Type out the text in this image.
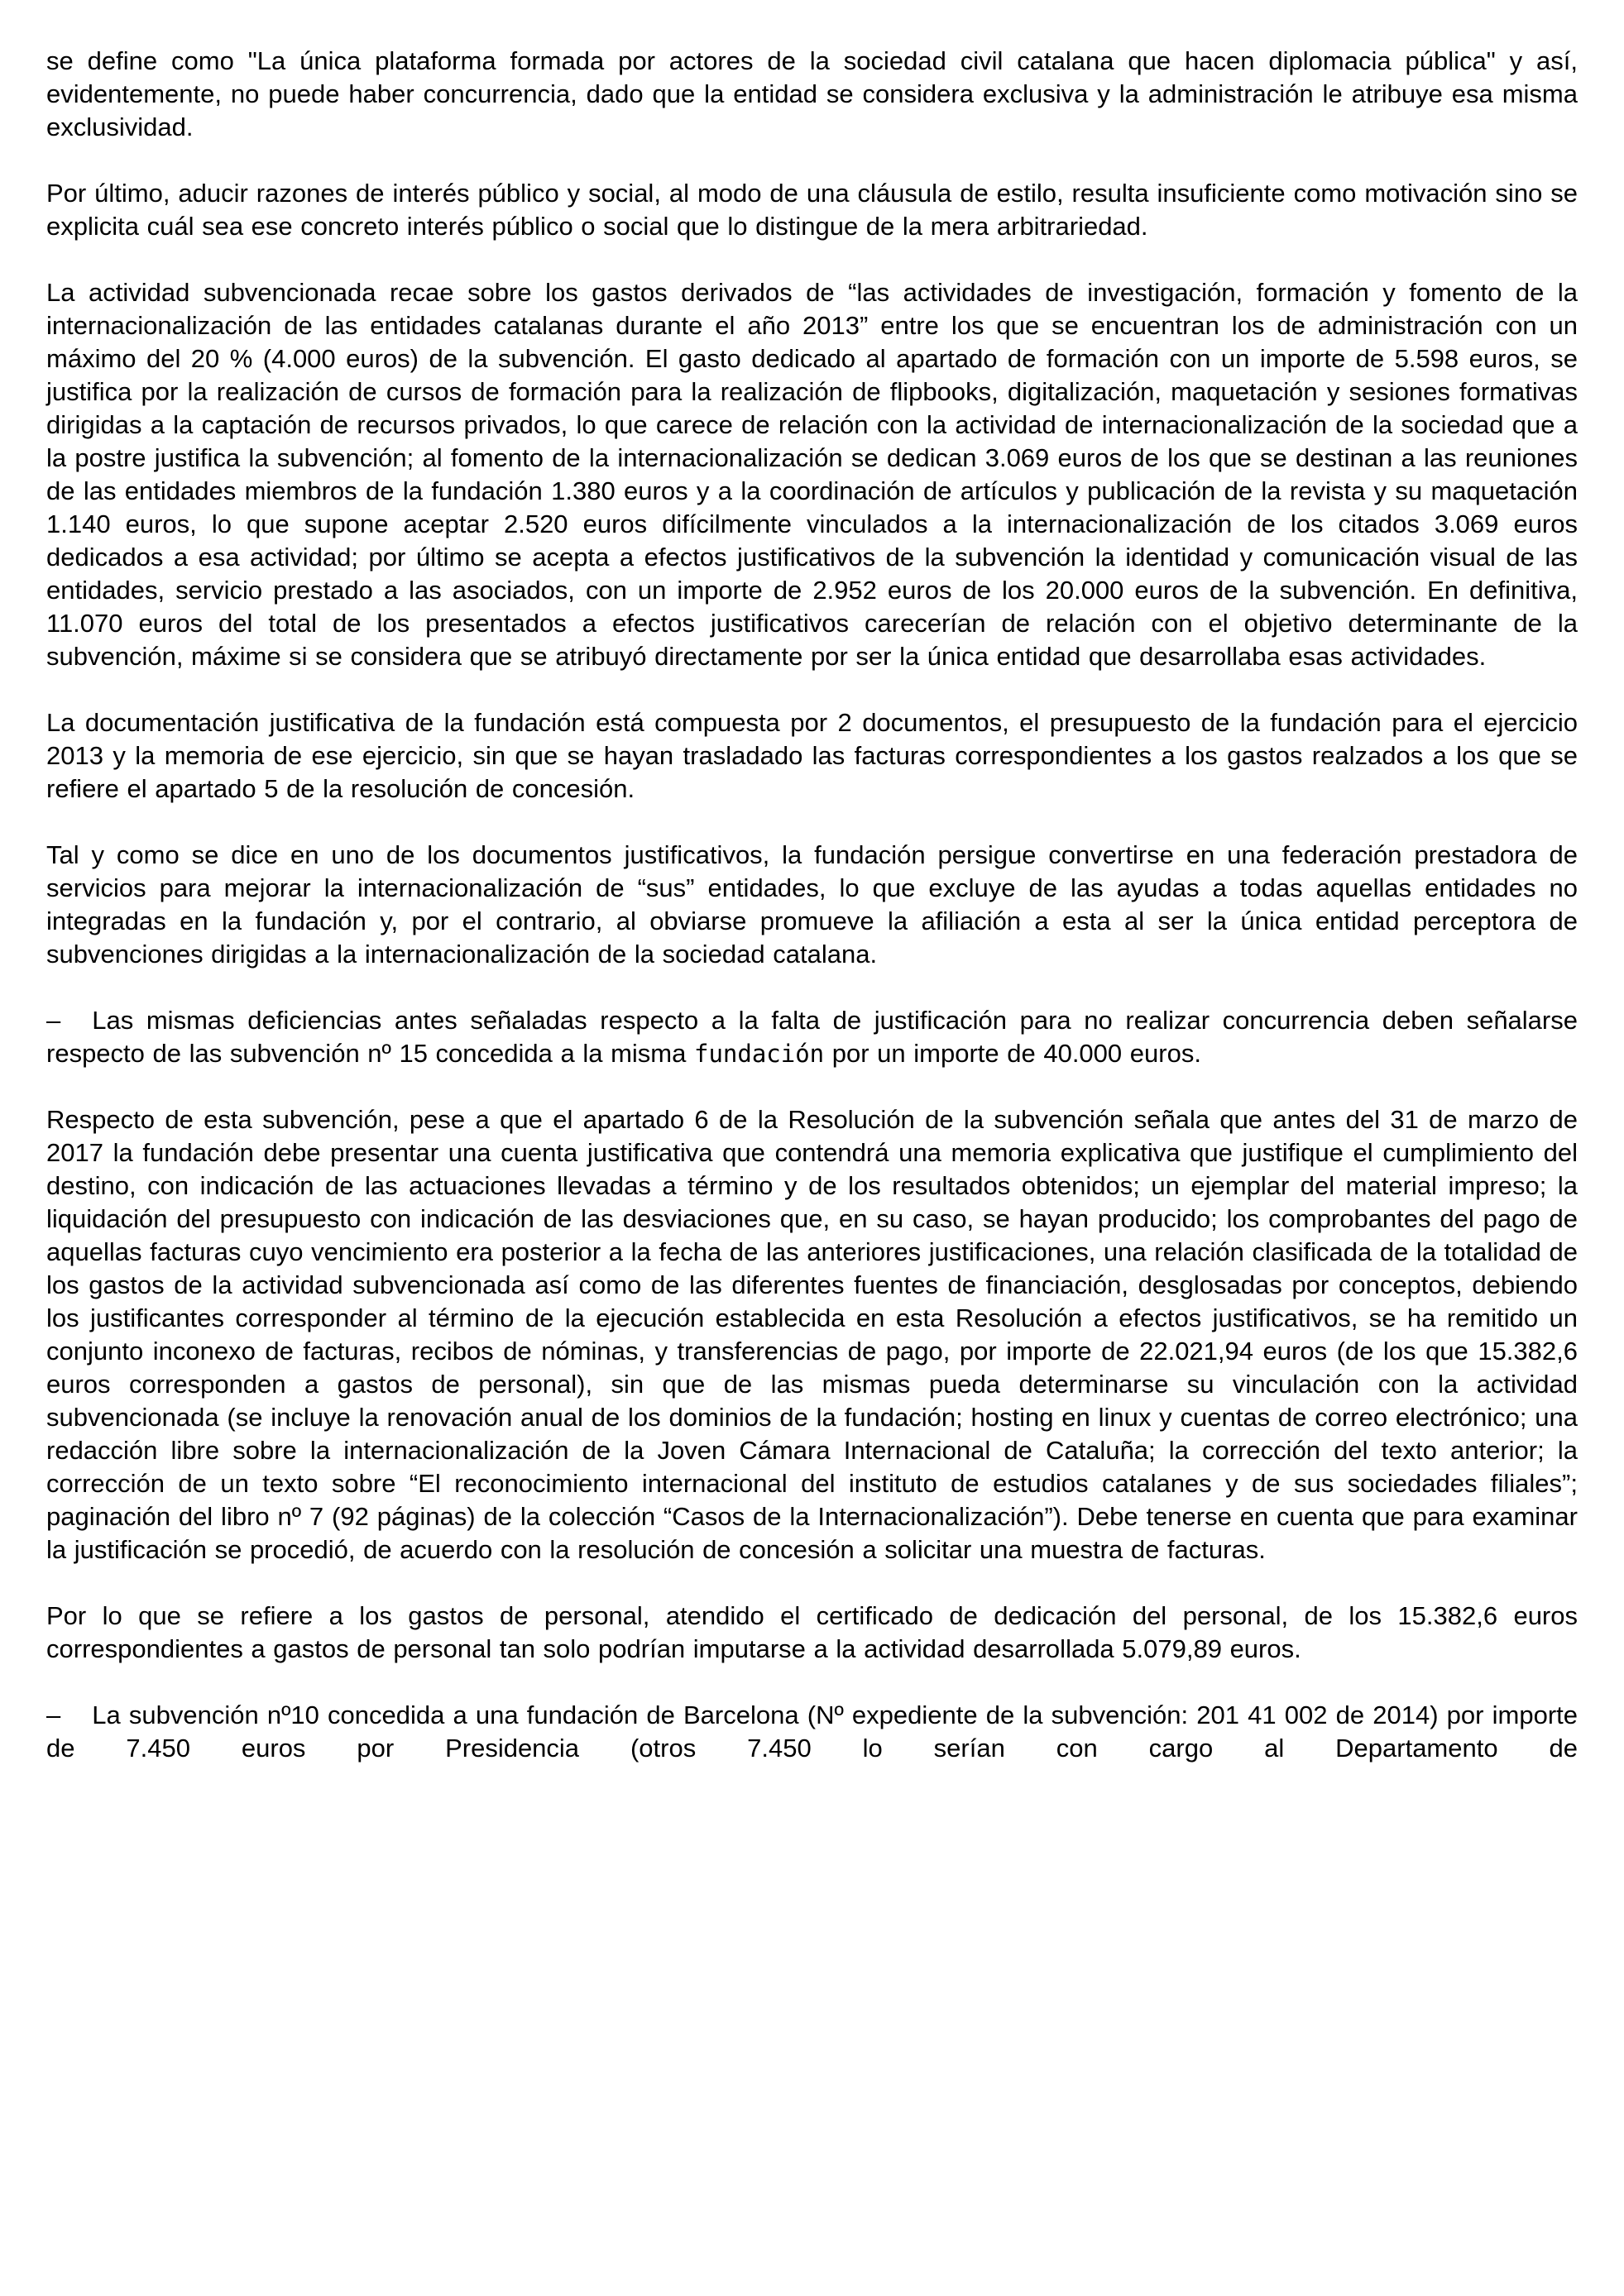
se define como "La única plataforma formada por actores de la sociedad civil catalana que hacen diplomacia pública" y así, evidentemente, no puede haber concurrencia, dado que la entidad se considera exclusiva y la administración le atribuye esa misma exclusividad.

Por último, aducir razones de interés público y social, al modo de una cláusula de estilo, resulta insuficiente como motivación sino se explicita cuál sea ese concreto interés público o social que lo distingue de la mera arbitrariedad.

La actividad subvencionada recae sobre los gastos derivados de “las actividades de investigación, formación y fomento de la internacionalización de las entidades catalanas durante el año 2013” entre los que se encuentran los de administración con un máximo del 20 % (4.000 euros) de la subvención. El gasto dedicado al apartado de formación con un importe de 5.598 euros, se justifica por la realización de cursos de formación para la realización de flipbooks, digitalización, maquetación y sesiones formativas dirigidas a la captación de recursos privados, lo que carece de relación con la actividad de internacionalización de la sociedad que a la postre justifica la subvención; al fomento de la internacionalización se dedican 3.069 euros de los que se destinan a las reuniones de las entidades miembros de la fundación 1.380 euros y a la coordinación de artículos y publicación de la revista y su maquetación 1.140 euros, lo que supone aceptar 2.520 euros difícilmente vinculados a la internacionalización de los citados 3.069 euros dedicados a esa actividad; por último se acepta a efectos justificativos de la subvención la identidad y comunicación visual de las entidades, servicio prestado a las asociados, con un importe de 2.952 euros de los 20.000 euros de la subvención. En definitiva, 11.070 euros del total de los presentados a efectos justificativos carecerían de relación con el objetivo determinante de la subvención, máxime si se considera que se atribuyó directamente por ser la única entidad que desarrollaba esas actividades.

La documentación justificativa de la fundación está compuesta por 2 documentos, el presupuesto de la fundación para el ejercicio 2013 y la memoria de ese ejercicio, sin que se hayan trasladado las facturas correspondientes a los gastos realzados a los que se refiere el apartado 5 de la resolución de concesión.

Tal y como se dice en uno de los documentos justificativos, la fundación persigue convertirse en una federación prestadora de servicios para mejorar la internacionalización de “sus” entidades, lo que excluye de las ayudas a todas aquellas entidades no integradas en la fundación y, por el contrario, al obviarse promueve la afiliación a esta al ser la única entidad perceptora de subvenciones dirigidas a la internacionalización de la sociedad catalana.

– Las mismas deficiencias antes señaladas respecto a la falta de justificación para no realizar concurrencia deben señalarse respecto de las subvención nº 15 concedida a la misma fundación por un importe de 40.000 euros.

Respecto de esta subvención, pese a que el apartado 6 de la Resolución de la subvención señala que antes del 31 de marzo de 2017 la fundación debe presentar una cuenta justificativa que contendrá una memoria explicativa que justifique el cumplimiento del destino, con indicación de las actuaciones llevadas a término y de los resultados obtenidos; un ejemplar del material impreso; la liquidación del presupuesto con indicación de las desviaciones que, en su caso, se hayan producido; los comprobantes del pago de aquellas facturas cuyo vencimiento era posterior a la fecha de las anteriores justificaciones, una relación clasificada de la totalidad de los gastos de la actividad subvencionada así como de las diferentes fuentes de financiación, desglosadas por conceptos, debiendo los justificantes corresponder al término de la ejecución establecida en esta Resolución a efectos justificativos, se ha remitido un conjunto inconexo de facturas, recibos de nóminas, y transferencias de pago, por importe de 22.021,94 euros (de los que 15.382,6 euros corresponden a gastos de personal), sin que de las mismas pueda determinarse su vinculación con la actividad subvencionada (se incluye la renovación anual de los dominios de la fundación; hosting en linux y cuentas de correo electrónico; una redacción libre sobre la internacionalización de la Joven Cámara Internacional de Cataluña; la corrección del texto anterior; la corrección de un texto sobre “El reconocimiento internacional del instituto de estudios catalanes y de sus sociedades filiales”; paginación del libro nº 7 (92 páginas) de la colección “Casos de la Internacionalización”). Debe tenerse en cuenta que para examinar la justificación se procedió, de acuerdo con la resolución de concesión a solicitar una muestra de facturas.

Por lo que se refiere a los gastos de personal, atendido el certificado de dedicación del personal, de los 15.382,6 euros correspondientes a gastos de personal tan solo podrían imputarse a la actividad desarrollada 5.079,89 euros.

– La subvención nº10 concedida a una fundación de Barcelona (Nº expediente de la subvención: 201 41 002 de 2014) por importe de 7.450 euros por Presidencia (otros 7.450 lo serían con cargo al Departamento de
